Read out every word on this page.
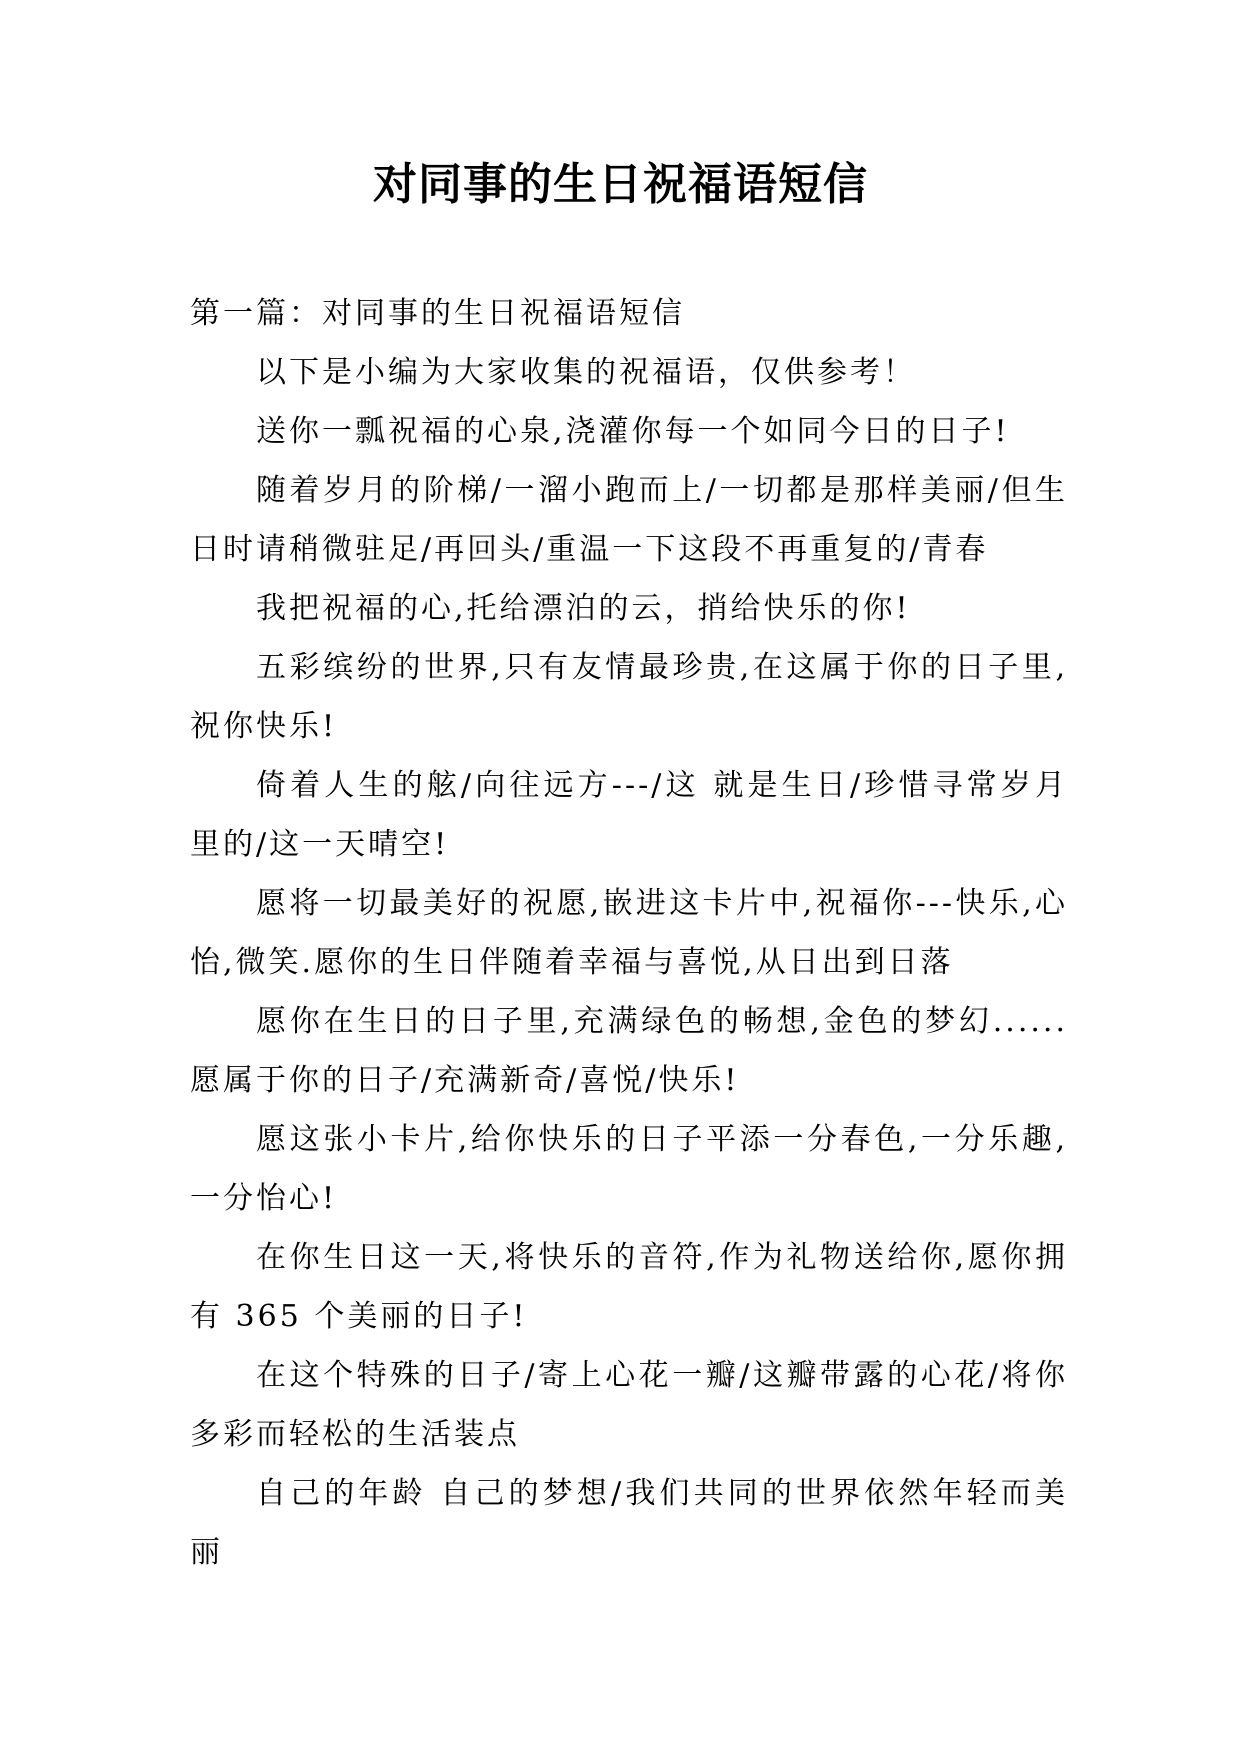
对同事的生日祝福语短信

第一篇：对同事的生日祝福语短信

以下是小编为大家收集的祝福语，仅供参考！

送你一瓢祝福的心泉,浇灌你每一个如同今日的日子!

随着岁月的阶梯/一溜小跑而上/一切都是那样美丽/但生日时请稍微驻足/再回头/重温一下这段不再重复的/青春

我把祝福的心,托给漂泊的云，捎给快乐的你!

五彩缤纷的世界,只有友情最珍贵,在这属于你的日子里,祝你快乐!

倚着人生的舷/向往远方---/这 就是生日/珍惜寻常岁月里的/这一天晴空!

愿将一切最美好的祝愿,嵌进这卡片中,祝福你---快乐,心怡,微笑.愿你的生日伴随着幸福与喜悦,从日出到日落

愿你在生日的日子里,充满绿色的畅想,金色的梦幻......愿属于你的日子/充满新奇/喜悦/快乐!

愿这张小卡片,给你快乐的日子平添一分春色,一分乐趣,一分怡心!

在你生日这一天,将快乐的音符,作为礼物送给你,愿你拥有 365 个美丽的日子!

在这个特殊的日子/寄上心花一瓣/这瓣带露的心花/将你多彩而轻松的生活装点

自己的年龄 自己的梦想/我们共同的世界依然年轻而美丽
